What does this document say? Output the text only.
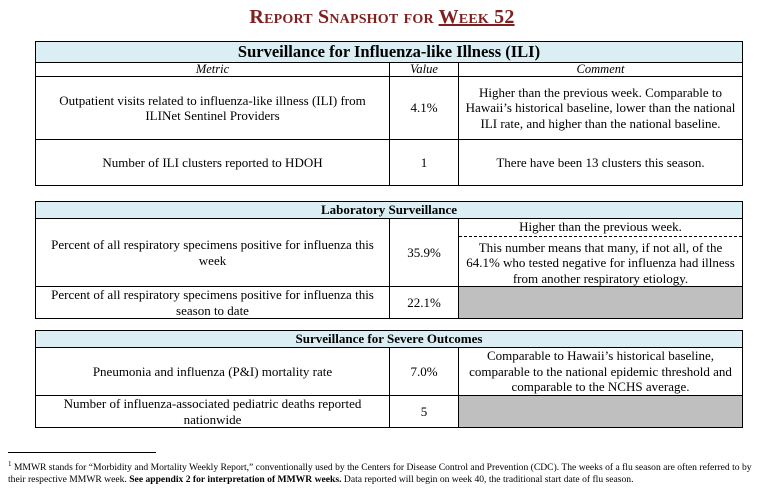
Report Snapshot for Week 52
Surveillance for Influenza-like Illness (ILI)		
Metric	Value	Comment
Outpatient visits related to influenza-like illness (ILI) from ILINet Sentinel Providers	4.1%	Higher than the previous week. Comparable to Hawaii’s historical baseline, lower than the national ILI rate, and higher than the national baseline.
Number of ILI clusters reported to HDOH	1	There have been 13 clusters this season.
Laboratory Surveillance		
Percent of all respiratory specimens positive for influenza this week	35.9%	Higher than the previous week.
This number means that many, if not all, of the 64.1% who tested negative for influenza had illness from another respiratory etiology.

Percent of all respiratory specimens positive for influenza this season to date	22.1%	
Surveillance for Severe Outcomes		
Pneumonia and influenza (P&I) mortality rate	7.0%	Comparable to Hawaii’s historical baseline, comparable to the national epidemic threshold and comparable to the NCHS average.
Number of influenza-associated pediatric deaths reported nationwide	5	
$^1$ MMWR stands for “Morbidity and Mortality Weekly Report,” conventionally used by the Centers for Disease Control and Prevention (CDC). The weeks of a flu season are often referred to by their respective MMWR week. See appendix 2 for interpretation of MMWR weeks. Data reported will begin on week 40, the traditional start date of flu season.
